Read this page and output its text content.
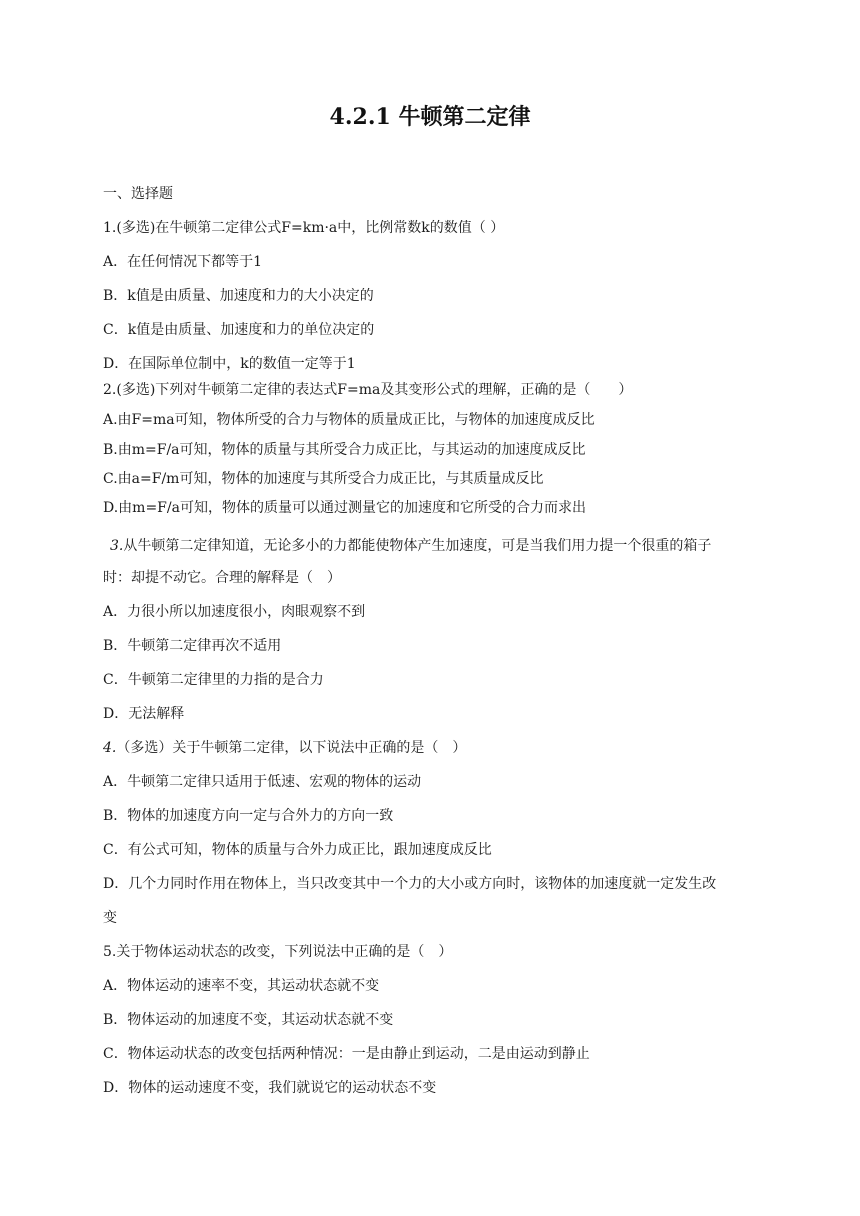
4.2.1 牛顿第二定律
一、选择题
1.(多选)在牛顿第二定律公式F=km·a中，比例常数k的数值（ ）
A．在任何情况下都等于1
B．k值是由质量、加速度和力的大小决定的
C．k值是由质量、加速度和力的单位决定的
D．在国际单位制中，k的数值一定等于1
2.(多选)下列对牛顿第二定律的表达式F=ma及其变形公式的理解，正确的是（　　）
A.由F=ma可知，物体所受的合力与物体的质量成正比，与物体的加速度成反比
B.由m=F/a可知，物体的质量与其所受合力成正比，与其运动的加速度成反比
C.由a=F/m可知，物体的加速度与其所受合力成正比，与其质量成反比
D.由m=F/a可知，物体的质量可以通过测量它的加速度和它所受的合力而求出
3.从牛顿第二定律知道，无论多小的力都能使物体产生加速度，可是当我们用力提一个很重的箱子
时：却提不动它。合理的解释是（　）
A．力很小所以加速度很小，肉眼观察不到
B．牛顿第二定律再次不适用
C．牛顿第二定律里的力指的是合力
D．无法解释
4.（多选）关于牛顿第二定律，以下说法中正确的是（　）
A．牛顿第二定律只适用于低速、宏观的物体的运动
B．物体的加速度方向一定与合外力的方向一致
C．有公式可知，物体的质量与合外力成正比，跟加速度成反比
D．几个力同时作用在物体上，当只改变其中一个力的大小或方向时，该物体的加速度就一定发生改
变
5.关于物体运动状态的改变，下列说法中正确的是（　）
A．物体运动的速率不变，其运动状态就不变
B．物体运动的加速度不变，其运动状态就不变
C．物体运动状态的改变包括两种情况：一是由静止到运动，二是由运动到静止
D．物体的运动速度不变，我们就说它的运动状态不变
